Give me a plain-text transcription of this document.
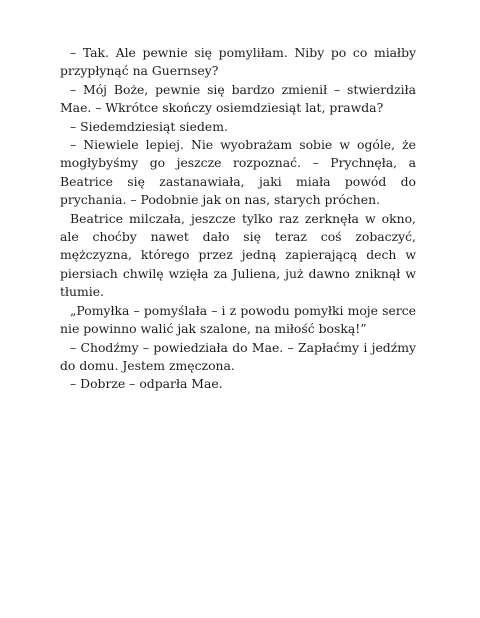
– Tak. Ale pewnie się pomyliłam. Niby po co miałby przypłynąć na Guernsey?

– Mój Boże, pewnie się bardzo zmienił – stwierdziła Mae. – Wkrótce skończy osiemdziesiąt lat, prawda?

– Siedemdziesiąt siedem.

– Niewiele lepiej. Nie wyobrażam sobie w ogóle, że mogłybyśmy go jeszcze rozpoznać. – Prychnęła, a Beatrice się zastanawiała, jaki miała powód do prychania. – Podobnie jak on nas, starych próchen.

Beatrice milczała, jeszcze tylko raz zerknęła w okno, ale choćby nawet dało się teraz coś zobaczyć, mężczyzna, którego przez jedną zapierającą dech w piersiach chwilę wzięła za Juliena, już dawno zniknął w tłumie.

„Pomyłka – pomyślała – i z powodu pomyłki moje serce nie powinno walić jak szalone, na miłość boską!”

– Chodźmy – powiedziała do Mae. – Zapłaćmy i jedźmy do domu. Jestem zmęczona.

– Dobrze – odparła Mae.
